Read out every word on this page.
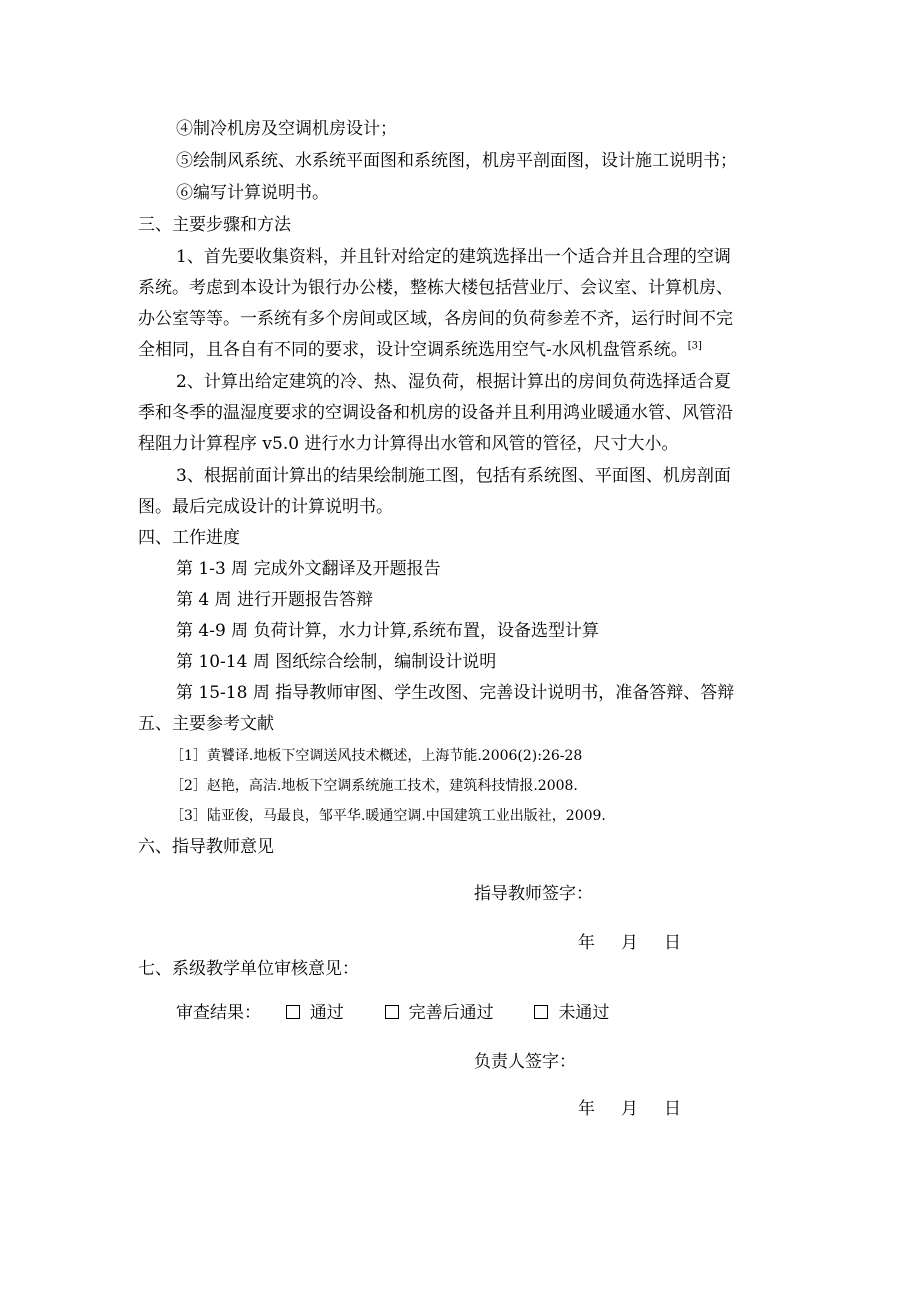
④制冷机房及空调机房设计；
⑤绘制风系统、水系统平面图和系统图，机房平剖面图，设计施工说明书；
⑥编写计算说明书。
三、主要步骤和方法
1、首先要收集资料，并且针对给定的建筑选择出一个适合并且合理的空调
系统。考虑到本设计为银行办公楼，整栋大楼包括营业厅、会议室、计算机房、
办公室等等。一系统有多个房间或区域，各房间的负荷参差不齐，运行时间不完
全相同，且各自有不同的要求，设计空调系统选用空气-水风机盘管系统。[3]
2、计算出给定建筑的冷、热、湿负荷，根据计算出的房间负荷选择适合夏
季和冬季的温湿度要求的空调设备和机房的设备并且利用鸿业暖通水管、风管沿
程阻力计算程序 v5.0 进行水力计算得出水管和风管的管径，尺寸大小。
3、根据前面计算出的结果绘制施工图，包括有系统图、平面图、机房剖面
图。最后完成设计的计算说明书。
四、工作进度
第 1-3 周 完成外文翻译及开题报告
第 4 周 进行开题报告答辩
第 4-9 周 负荷计算，水力计算,系统布置，设备选型计算
第 10-14 周 图纸综合绘制，编制设计说明
第 15-18 周 指导教师审图、学生改图、完善设计说明书，准备答辩、答辩
五、主要参考文献
［1］黄饕译.地板下空调送风技术概述，上海节能.2006(2):26-28
［2］赵艳，高洁.地板下空调系统施工技术，建筑科技情报.2008.
［3］陆亚俊，马最良，邹平华.暖通空调.中国建筑工业出版社，2009.
六、指导教师意见
指导教师签字：
年 月 日
七、系级教学单位审核意见：
审查结果：	通过	完善后通过	未通过
负责人签字：
年 月 日
